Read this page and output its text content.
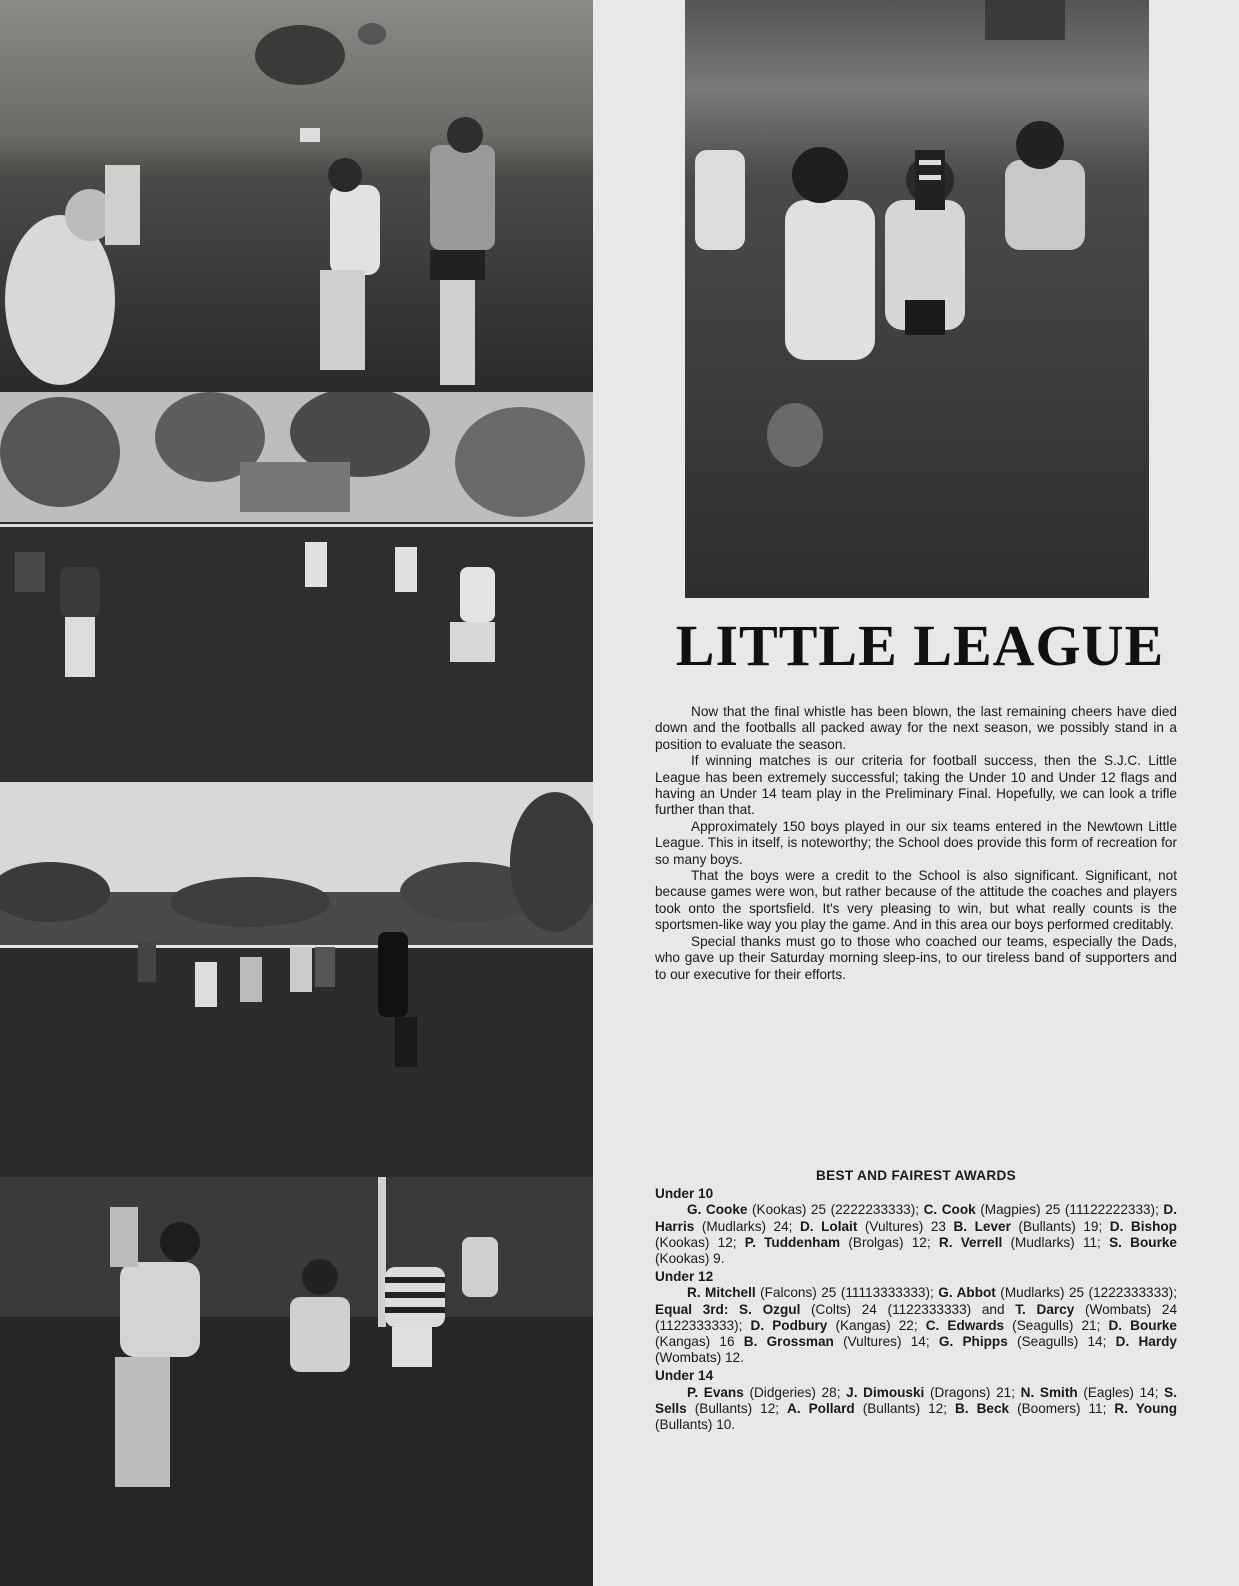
LITTLE LEAGUE

Now that the final whistle has been blown, the last remaining cheers have died down and the footballs all packed away for the next season, we possibly stand in a position to evaluate the season.

If winning matches is our criteria for football success, then the S.J.C. Little League has been extremely successful; taking the Under 10 and Under 12 flags and having an Under 14 team play in the Preliminary Final. Hopefully, we can look a trifle further than that.

Approximately 150 boys played in our six teams entered in the Newtown Little League. This in itself, is noteworthy; the School does provide this form of recreation for so many boys.

That the boys were a credit to the School is also significant. Significant, not because games were won, but rather because of the attitude the coaches and players took onto the sportsfield. It's very pleasing to win, but what really counts is the sportsmen-like way you play the game. And in this area our boys performed creditably.

Special thanks must go to those who coached our teams, especially the Dads, who gave up their Saturday morning sleep-ins, to our tireless band of supporters and to our executive for their efforts.

BEST AND FAIREST AWARDS
Under 10

G. Cooke (Kookas) 25 (2222233333); C. Cook (Magpies) 25 (11122222333); D. Harris (Mudlarks) 24; D. Lolait (Vultures) 23 B. Lever (Bullants) 19; D. Bishop (Kookas) 12; P. Tuddenham (Brolgas) 12; R. Verrell (Mudlarks) 11; S. Bourke (Kookas) 9.

Under 12

R. Mitchell (Falcons) 25 (11113333333); G. Abbot (Mudlarks) 25 (1222333333); Equal 3rd: S. Ozgul (Colts) 24 (1122333333) and T. Darcy (Wombats) 24 (1122333333); D. Podbury (Kangas) 22; C. Edwards (Seagulls) 21; D. Bourke (Kangas) 16 B. Grossman (Vultures) 14; G. Phipps (Seagulls) 14; D. Hardy (Wombats) 12.

Under 14

P. Evans (Didgeries) 28; J. Dimouski (Dragons) 21; N. Smith (Eagles) 14; S. Sells (Bullants) 12; A. Pollard (Bullants) 12; B. Beck (Boomers) 11; R. Young (Bullants) 10.
